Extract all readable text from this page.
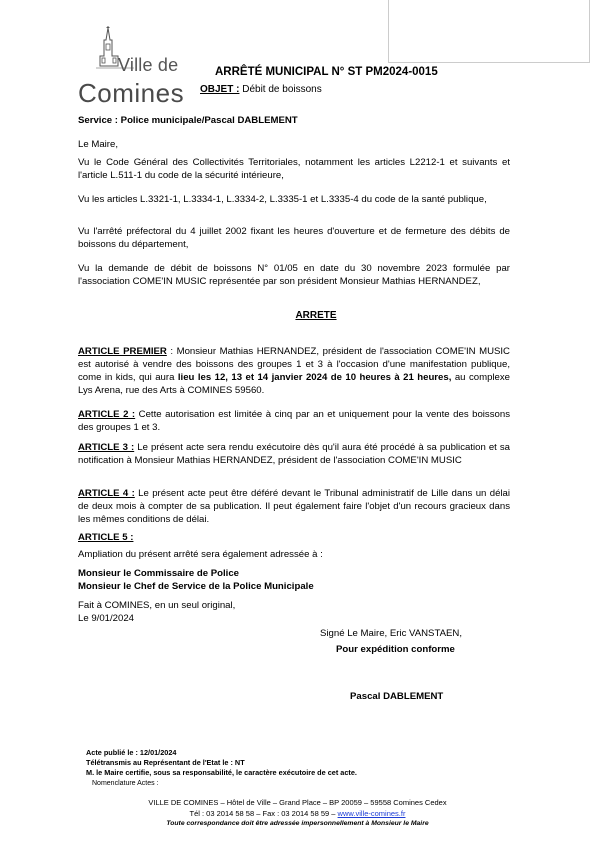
Ville de
Comines
ARRÊTÉ MUNICIPAL N° ST PM2024-0015
OBJET : Débit de boissons
Service : Police municipale/Pascal DABLEMENT
Le Maire,
Vu le Code Général des Collectivités Territoriales, notamment les articles L2212-1 et suivants et l'article L.511-1 du code de la sécurité intérieure,
Vu les articles L.3321-1, L.3334-1, L.3334-2, L.3335-1 et L.3335-4 du code de la santé publique,
Vu l'arrêté préfectoral du 4 juillet 2002 fixant les heures d'ouverture et de fermeture des débits de boissons du département,
Vu la demande de débit de boissons N° 01/05 en date du 30 novembre 2023 formulée par l'association COME'IN MUSIC représentée par son président Monsieur Mathias HERNANDEZ,
ARRETE
ARTICLE PREMIER : Monsieur Mathias HERNANDEZ, président de l'association COME'IN MUSIC est autorisé à vendre des boissons des groupes 1 et 3 à l'occasion d'une manifestation publique, come in kids, qui aura lieu les 12, 13 et 14 janvier 2024 de 10 heures à 21 heures, au complexe Lys Arena, rue des Arts à COMINES 59560.
ARTICLE 2 : Cette autorisation est limitée à cinq par an et uniquement pour la vente des boissons des groupes 1 et 3.
ARTICLE 3 : Le présent acte sera rendu exécutoire dès qu'il aura été procédé à sa publication et sa notification à Monsieur Mathias HERNANDEZ, président de l'association COME'IN MUSIC
ARTICLE 4 : Le présent acte peut être déféré devant le Tribunal administratif de Lille dans un délai de deux mois à compter de sa publication. Il peut également faire l'objet d'un recours gracieux dans les mêmes conditions de délai.
ARTICLE 5 :
Ampliation du présent arrêté sera également adressée à :
Monsieur le Commissaire de Police
Monsieur le Chef de Service de la Police Municipale
Fait à COMINES, en un seul original,
Le 9/01/2024
Signé Le Maire, Eric VANSTAEN,
Pour expédition conforme
Pascal DABLEMENT
Acte publié le : 12/01/2024
Télétransmis au Représentant de l'Etat le : NT
M. le Maire certifie, sous sa responsabilité, le caractère exécutoire de cet acte.
Nomenclature Actes :
VILLE DE COMINES – Hôtel de Ville – Grand Place – BP 20059 – 59558 Comines Cedex
Tél : 03 2014 58 58 – Fax : 03 2014 58 59 – www.ville-comines.fr
Toute correspondance doit être adressée impersonnellement à Monsieur le Maire
